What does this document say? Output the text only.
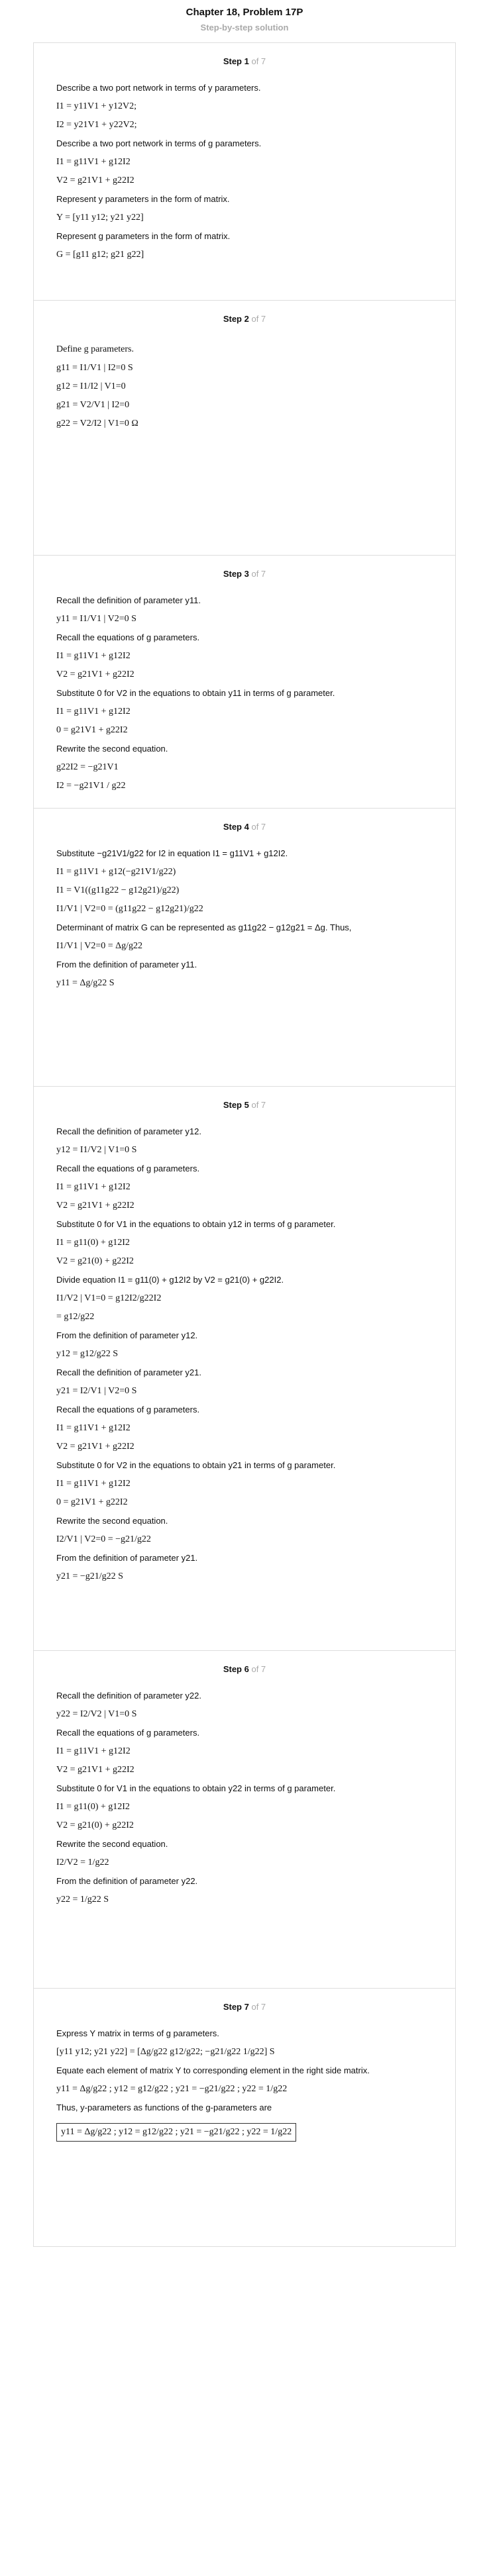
Chapter 18, Problem 17P
Step-by-step solution
Step 1 of 7
Describe a two port network in terms of y parameters.
I1 = y11V1 + y12V2;
I2 = y21V1 + y22V2;
Describe a two port network in terms of g parameters.
I1 = g11V1 + g12I2
V2 = g21V1 + g22I2
Represent y parameters in the form of matrix.
Y = [y11 y12; y21 y22]
Represent g parameters in the form of matrix.
G = [g11 g12; g21 g22]
Step 2 of 7
Define g parameters.
g11 = I1/V1 | I2=0 S
g12 = I1/I2 | V1=0
g21 = V2/V1 | I2=0
g22 = V2/I2 | V1=0 Ω
Step 3 of 7
Recall the definition of parameter y11.
y11 = I1/V1 | V2=0 S
Recall the equations of g parameters.
I1 = g11V1 + g12I2
V2 = g21V1 + g22I2
Substitute 0 for V2 in the equations to obtain y11 in terms of g parameter.
I1 = g11V1 + g12I2
0 = g21V1 + g22I2
Rewrite the second equation.
g22I2 = −g21V1
I2 = −g21V1 / g22
Step 4 of 7
Substitute −g21V1/g22 for I2 in equation I1 = g11V1 + g12I2.
I1 = g11V1 + g12(−g21V1/g22)
I1 = V1((g11g22 − g12g21)/g22)
I1/V1 | V2=0 = (g11g22 − g12g21)/g22
Determinant of matrix G can be represented as g11g22 − g12g21 = Δg. Thus,
I1/V1 | V2=0 = Δg/g22
From the definition of parameter y11.
y11 = Δg/g22 S
Step 5 of 7
Recall the definition of parameter y12.
y12 = I1/V2 | V1=0 S
Recall the equations of g parameters.
I1 = g11V1 + g12I2
V2 = g21V1 + g22I2
Substitute 0 for V1 in the equations to obtain y12 in terms of g parameter.
I1 = g11(0) + g12I2
V2 = g21(0) + g22I2
Divide equation I1 = g11(0) + g12I2 by V2 = g21(0) + g22I2.
I1/V2 | V1=0 = g12I2/g22I2
= g12/g22
From the definition of parameter y12.
y12 = g12/g22 S
Recall the definition of parameter y21.
y21 = I2/V1 | V2=0 S
Recall the equations of g parameters.
I1 = g11V1 + g12I2
V2 = g21V1 + g22I2
Substitute 0 for V2 in the equations to obtain y21 in terms of g parameter.
I1 = g11V1 + g12I2
0 = g21V1 + g22I2
Rewrite the second equation.
I2/V1 | V2=0 = −g21/g22
From the definition of parameter y21.
y21 = −g21/g22 S
Step 6 of 7
Recall the definition of parameter y22.
y22 = I2/V2 | V1=0 S
Recall the equations of g parameters.
I1 = g11V1 + g12I2
V2 = g21V1 + g22I2
Substitute 0 for V1 in the equations to obtain y22 in terms of g parameter.
I1 = g11(0) + g12I2
V2 = g21(0) + g22I2
Rewrite the second equation.
I2/V2 = 1/g22
From the definition of parameter y22.
y22 = 1/g22 S
Step 7 of 7
Express Y matrix in terms of g parameters.
[y11 y12; y21 y22] = [Δg/g22 g12/g22; −g21/g22 1/g22] S
Equate each element of matrix Y to corresponding element in the right side matrix.
y11 = Δg/g22 ; y12 = g12/g22 ; y21 = −g21/g22 ; y22 = 1/g22
Thus, y-parameters as functions of the g-parameters are
y11 = Δg/g22 ; y12 = g12/g22 ; y21 = −g21/g22 ; y22 = 1/g22
